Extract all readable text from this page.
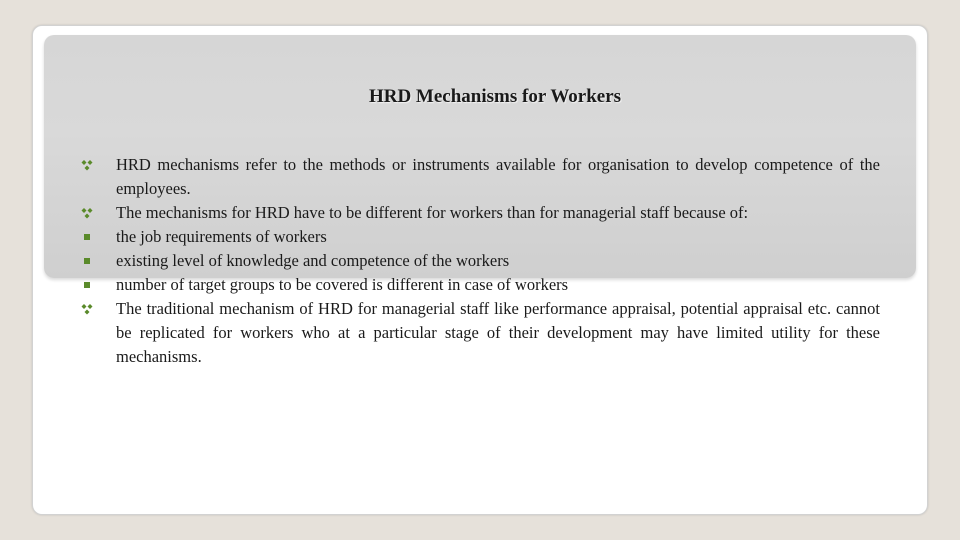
HRD Mechanisms for Workers
HRD mechanisms refer to the methods or instruments available for organisation to develop competence of the employees.
The mechanisms for HRD have to be different for workers than for managerial staff because of:
the job requirements of workers
existing level of knowledge and competence of the workers
number of target groups to be covered is different in case of workers
The traditional mechanism of HRD for managerial staff like performance appraisal, potential appraisal etc. cannot be replicated for workers who at a particular stage of their development may have limited utility for these mechanisms.
